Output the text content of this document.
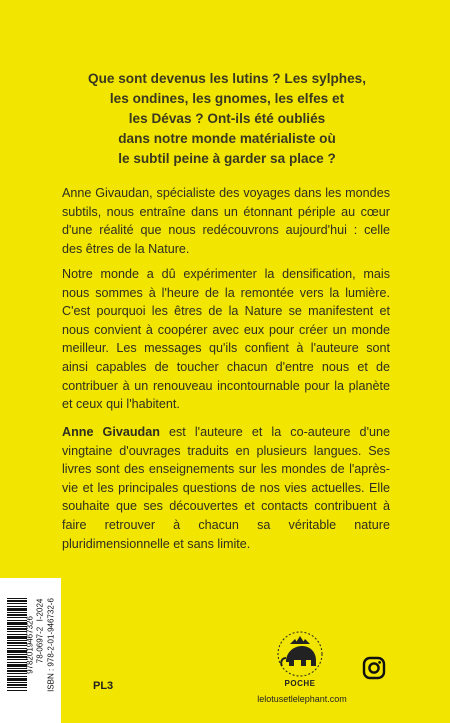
Que sont devenus les lutins ? Les sylphes,
les ondines, les gnomes, les elfes et
les Dévas ? Ont-ils été oubliés
dans notre monde matérialiste où
le subtil peine à garder sa place ?
Anne Givaudan, spécialiste des voyages dans les mondes subtils, nous entraîne dans un étonnant périple au cœur d'une réalité que nous redécouvrons aujourd'hui : celle des êtres de la Nature.
Notre monde a dû expérimenter la densification, mais nous sommes à l'heure de la remontée vers la lumière. C'est pourquoi les êtres de la Nature se manifestent et nous convient à coopérer avec eux pour créer un monde meilleur. Les messages qu'ils confient à l'auteure sont ainsi capables de toucher chacun d'entre nous et de contribuer à un renouveau incontournable pour la planète et ceux qui l'habitent.
Anne Givaudan est l'auteure et la co-auteure d'une vingtaine d'ouvrages traduits en plusieurs langues. Ses livres sont des enseignements sur les mondes de l'après-vie et les principales questions de nos vies actuelles. Elle souhaite que ses découvertes et contacts contribuent à faire retrouver à chacun sa véritable nature pluridimensionnelle et sans limite.
9782019467326 78-0697-2
I-2024 ISBN : 978-2-01-946732-6	PL3	POCHE
lelotusetlelephant.com
